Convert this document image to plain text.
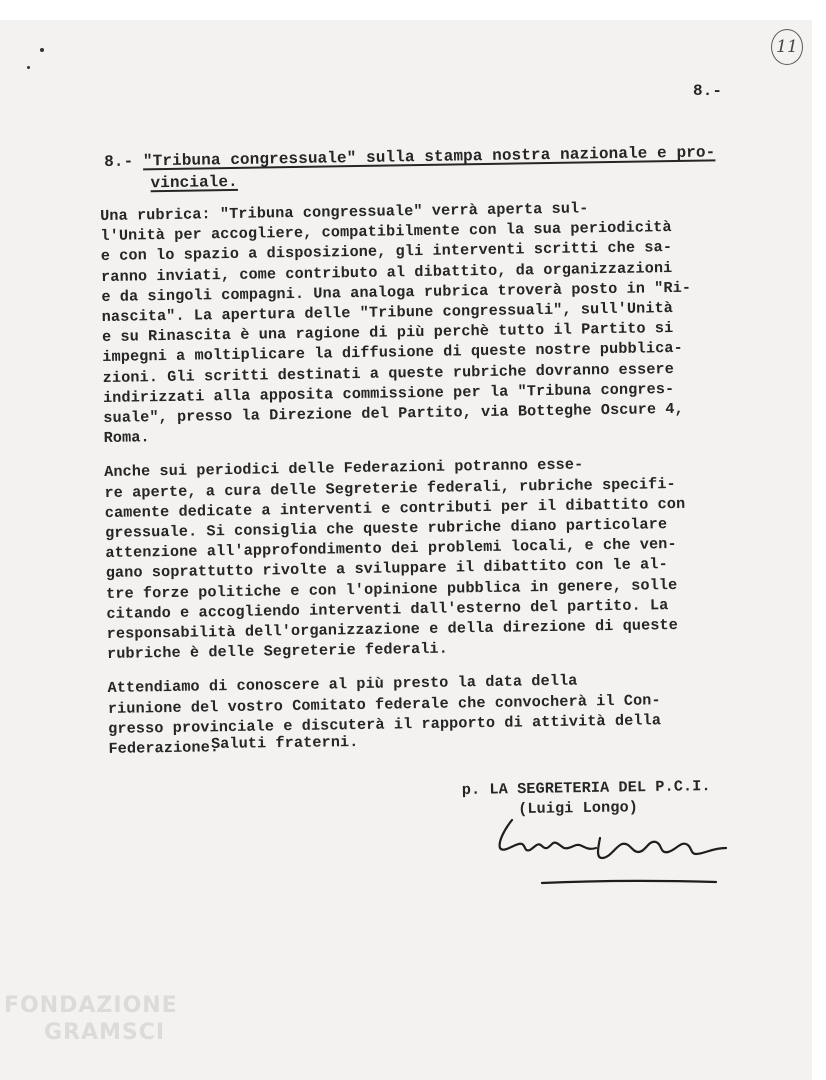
11
8.-
8.- "Tribuna congressuale" sulla stampa nostra nazionale e pro-
vinciale.

Una rubrica: "Tribuna congressuale" verrà aperta sul-
l'Unità per accogliere, compatibilmente con la sua periodicità
e con lo spazio a disposizione, gli interventi scritti che sa-
ranno inviati, come contributo al dibattito, da organizzazioni
e da singoli compagni. Una analoga rubrica troverà posto in "Ri-
nascita". La apertura delle "Tribune congressuali", sull'Unità
e su Rinascita è una ragione di più perchè tutto il Partito si
impegni a moltiplicare la diffusione di queste nostre pubblica-
zioni. Gli scritti destinati a queste rubriche dovranno essere
indirizzati alla apposita commissione per la "Tribuna congres-
suale", presso la Direzione del Partito, via Botteghe Oscure 4,
Roma.

Anche sui periodici delle Federazioni potranno esse-
re aperte, a cura delle Segreterie federali, rubriche specifi-
camente dedicate a interventi e contributi per il dibattito con
gressuale. Si consiglia che queste rubriche diano particolare
attenzione all'approfondimento dei problemi locali, e che ven-
gano soprattutto rivolte a sviluppare il dibattito con le al-
tre forze politiche e con l'opinione pubblica in genere, solle
citando e accogliendo interventi dall'esterno del partito. La
responsabilità dell'organizzazione e della direzione di queste
rubriche è delle Segreterie federali.

Attendiamo di conoscere al più presto la data della
riunione del vostro Comitato federale che convocherà il Con-
gresso provinciale e discuterà il rapporto di attività della
Federazione.

Saluti fraterni.
p. LA SEGRETERIA DEL P.C.I.
(Luigi Longo)
FONDAZIONE
GRAMSCI
